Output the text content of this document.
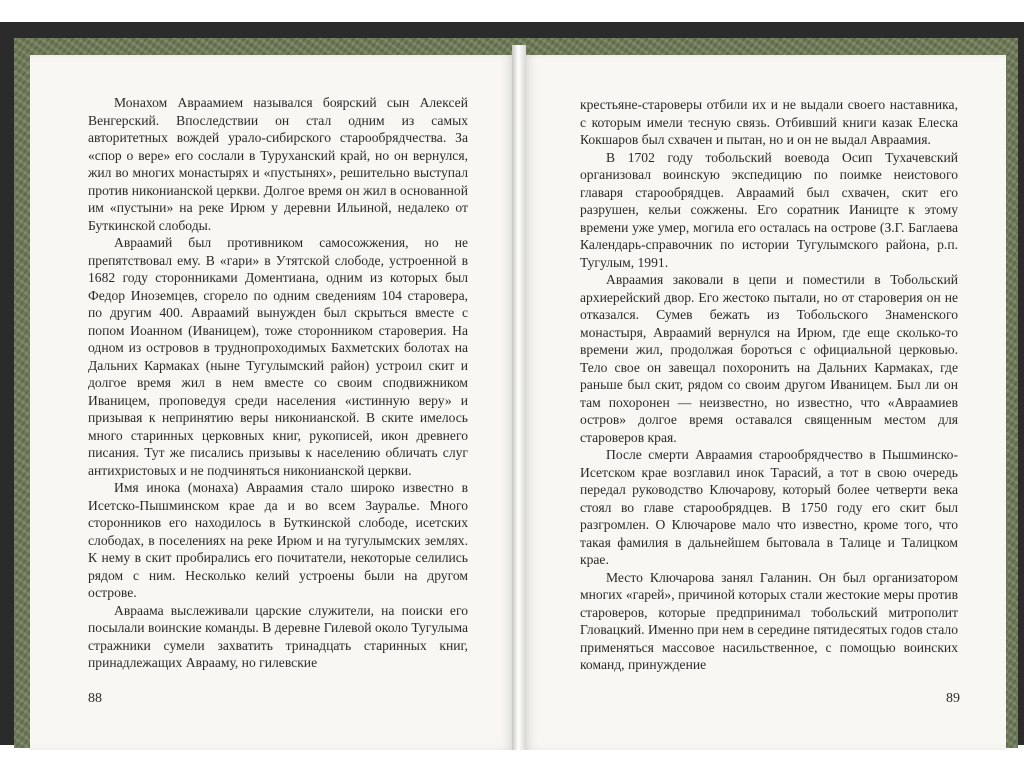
Монахом Авраамием назывался боярский сын Алексей Венгерский. Впоследствии он стал одним из самых авторитетных вождей урало-сибирского старообрядчества. За «спор о вере» его сослали в Туруханский край, но он вернулся, жил во многих монастырях и «пустынях», решительно выступал против никонианской церкви. Долгое время он жил в основанной им «пустыни» на реке Ирюм у деревни Ильиной, недалеко от Буткинской слободы.

Авраамий был противником самосожжения, но не препятствовал ему. В «гари» в Утятской слободе, устроенной в 1682 году сторонниками Доментиана, одним из которых был Федор Иноземцев, сгорело по одним сведениям 104 старовера, по другим 400. Авраамий вынужден был скрыться вместе с попом Иоанном (Иваницем), тоже сторонником староверия. На одном из островов в труднопроходимых Бахметских болотах на Дальних Кармаках (ныне Тугулымский район) устроил скит и долгое время жил в нем вместе со своим сподвижником Иваницем, проповедуя среди населения «истинную веру» и призывая к непринятию веры никонианской. В ските имелось много старинных церковных книг, рукописей, икон древнего писания. Тут же писались призывы к населению обличать слуг антихристовых и не подчиняться никонианской церкви.

Имя инока (монаха) Авраамия стало широко известно в Исетско-Пышминском крае да и во всем Зауралье. Много сторонников его находилось в Буткинской слободе, исетских слободах, в поселениях на реке Ирюм и на тугулымских землях. К нему в скит пробирались его почитатели, некоторые селились рядом с ним. Несколько келий устроены были на другом острове.

Авраама выслеживали царские служители, на поиски его посылали воинские команды. В деревне Гилевой около Тугулыма стражники сумели захватить тринадцать старинных книг, принадлежащих Аврааму, но гилевские

88

крестьяне-староверы отбили их и не выдали своего наставника, с которым имели тесную связь. Отбивший книги казак Елеска Кокшаров был схвачен и пытан, но и он не выдал Авраамия.

В 1702 году тобольский воевода Осип Тухачевский организовал воинскую экспедицию по поимке неистового главаря старообрядцев. Авраамий был схвачен, скит его разрушен, кельи сожжены. Его соратник Иаництe к этому времени уже умер, могила его осталась на острове (З.Г. Баглаева Календарь-справочник по истории Тугулымского района, р.п. Тугулым, 1991.

Авраамия заковали в цепи и поместили в Тобольский архиерейский двор. Его жестоко пытали, но от староверия он не отказался. Сумев бежать из Тобольского Знаменского монастыря, Авраамий вернулся на Ирюм, где еще сколько-то времени жил, продолжая бороться с официальной церковью. Тело свое он завещал похоронить на Дальних Кармаках, где раньше был скит, рядом со своим другом Иваницем. Был ли он там похоронен — неизвестно, но известно, что «Авраамиев остров» долгое время оставался священным местом для староверов края.

После смерти Авраамия старообрядчество в Пышминско-Исетском крае возглавил инок Тарасий, а тот в свою очередь передал руководство Ключарову, который более четверти века стоял во главе старообрядцев. В 1750 году его скит был разгромлен. О Ключарове мало что известно, кроме того, что такая фамилия в дальнейшем бытовала в Талице и Талицком крае.

Место Ключарова занял Галанин. Он был организатором многих «гарей», причиной которых стали жестокие меры против староверов, которые предпринимал тобольский митрополит Гловацкий. Именно при нем в середине пятидесятых годов стало применяться массовое насильственное, с помощью воинских команд, принуждение

89
